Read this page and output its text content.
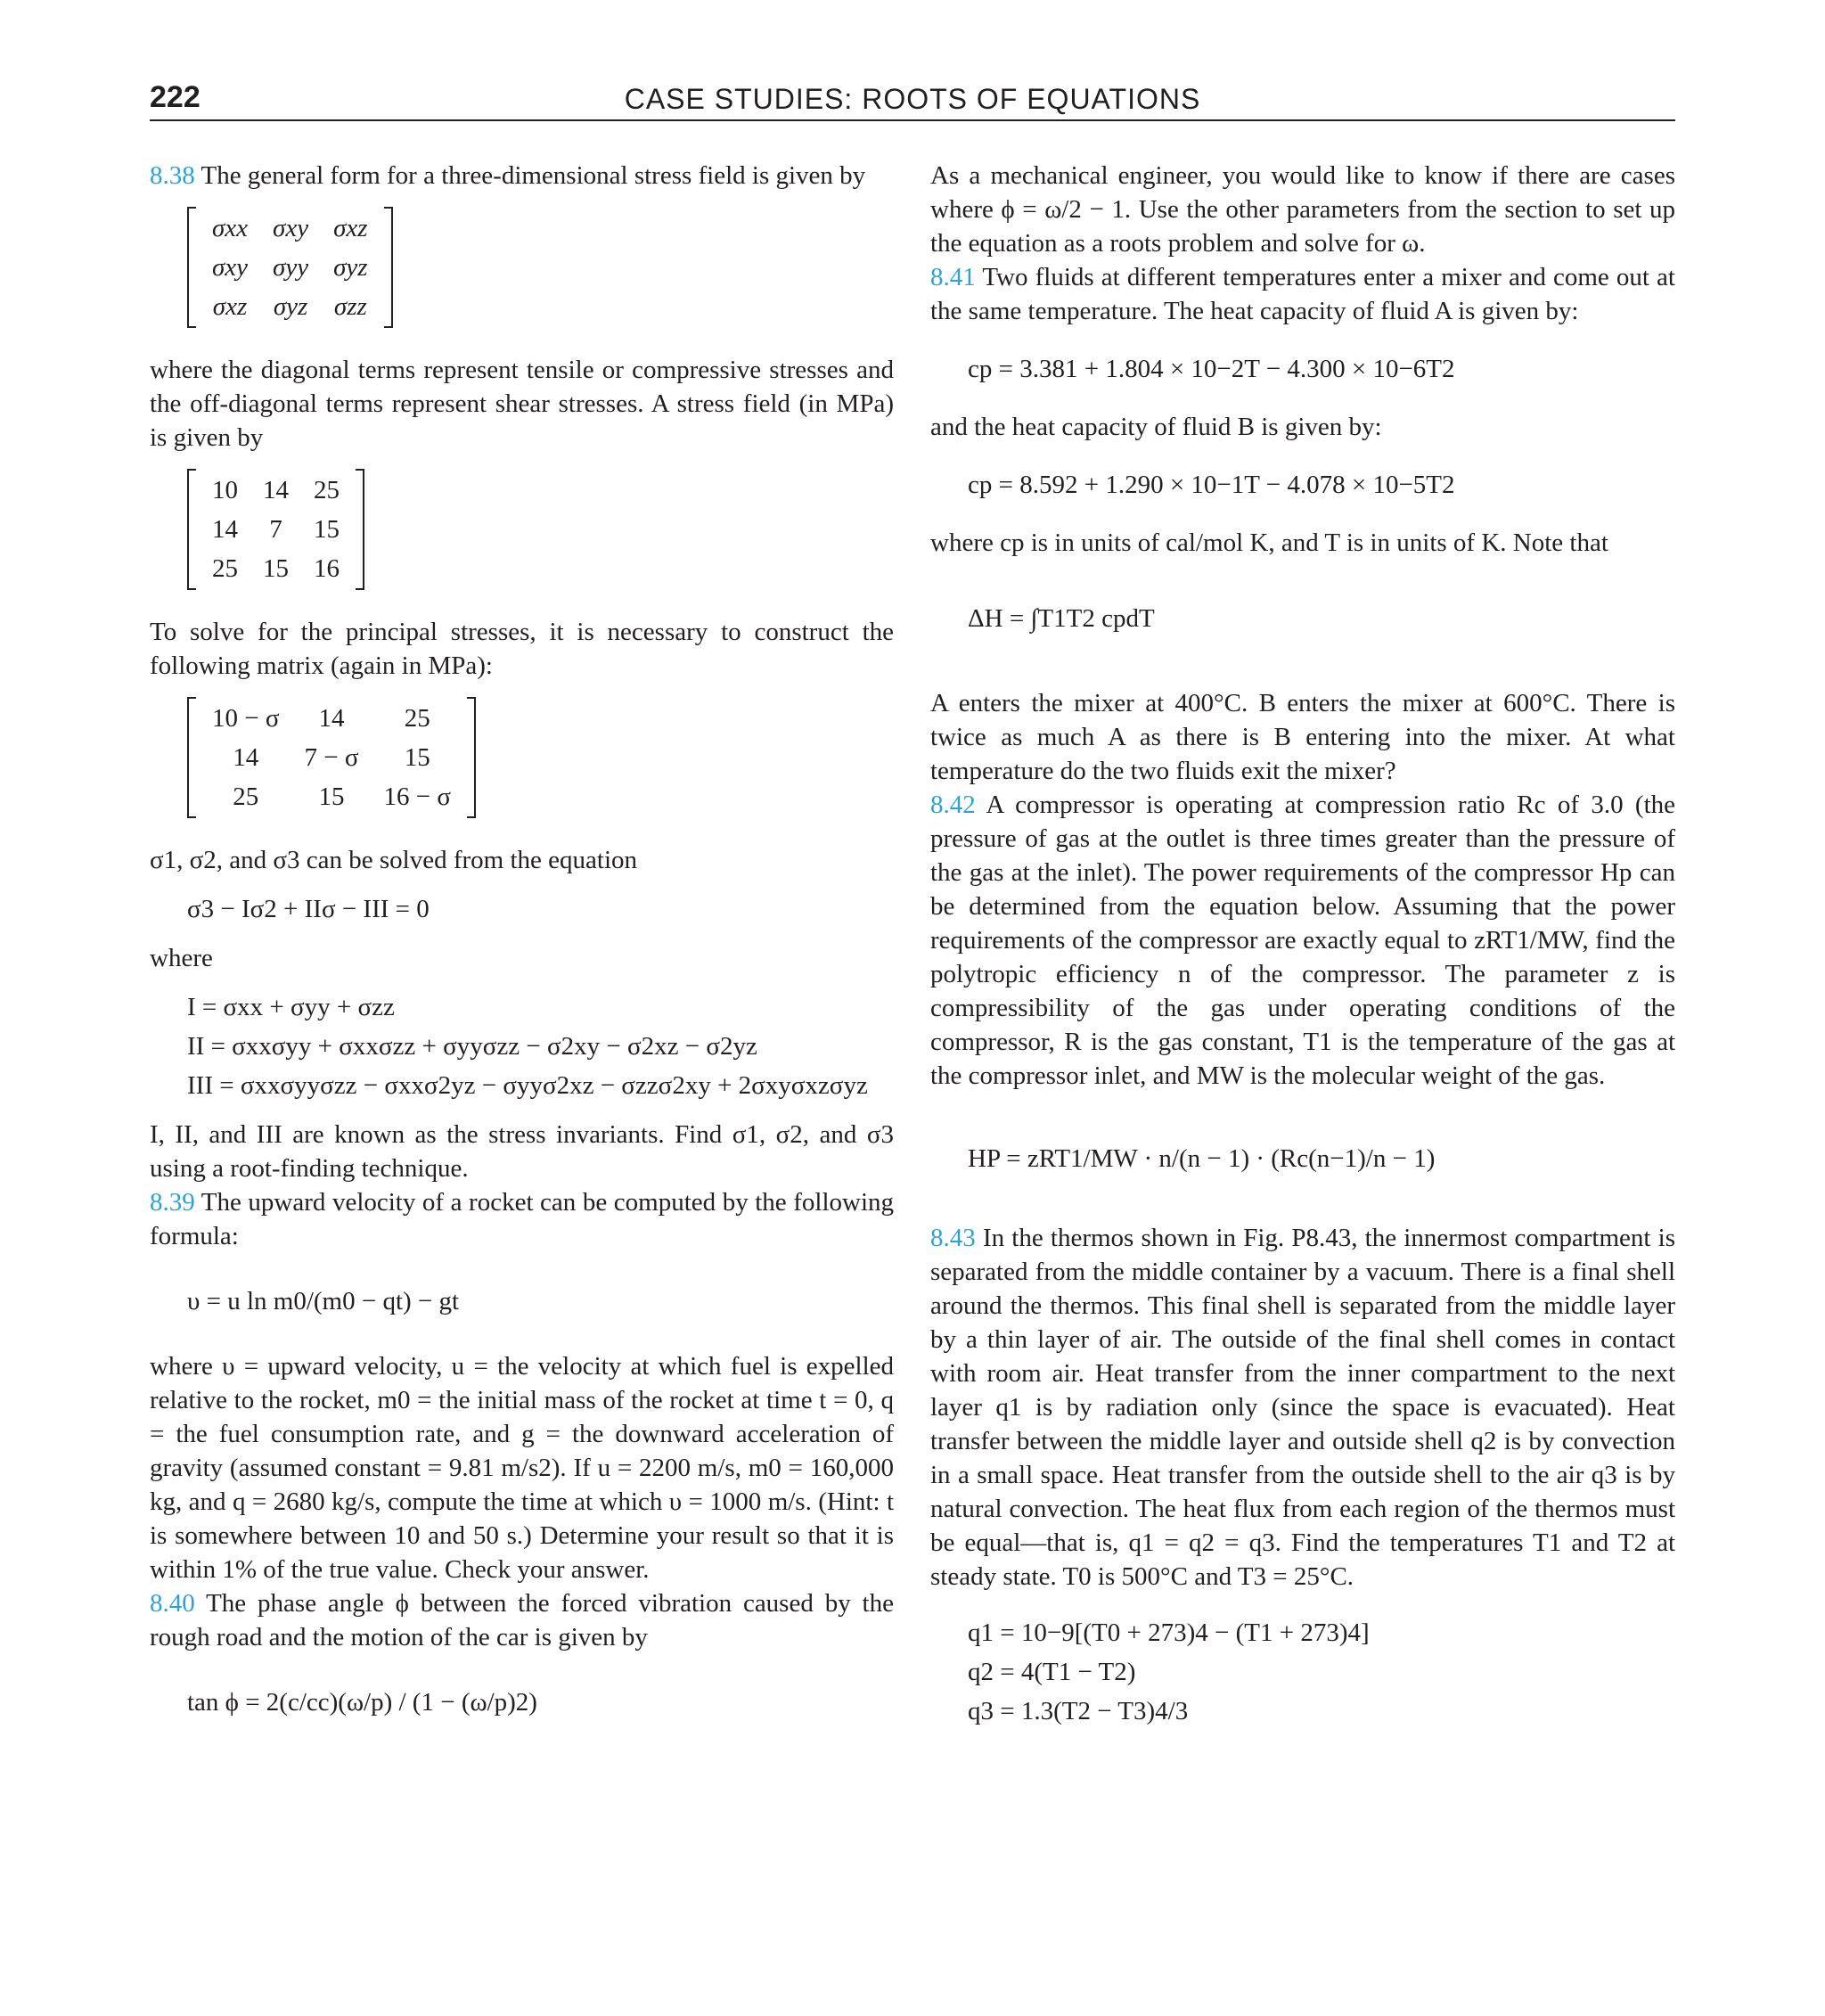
222	CASE STUDIES: ROOTS OF EQUATIONS

8.38 The general form for a three-dimensional stress field is given by

σxx	σxy	σxz
σxy	σyy	σyz
σxz	σyz	σzz

where the diagonal terms represent tensile or compressive stresses and the off-diagonal terms represent shear stresses. A stress field (in MPa) is given by

10	14	25
14	7	15
25	15	16

To solve for the principal stresses, it is necessary to construct the following matrix (again in MPa):

10 − σ	14	25
14	7 − σ	15
25	15	16 − σ

σ1, σ2, and σ3 can be solved from the equation

σ3 − Iσ2 + IIσ − III = 0

where

I = σxx + σyy + σzz
II = σxxσyy + σxxσzz + σyyσzz − σ2xy − σ2xz − σ2yz
III = σxxσyyσzz − σxxσ2yz − σyyσ2xz − σzzσ2xy + 2σxyσxzσyz

I, II, and III are known as the stress invariants. Find σ1, σ2, and σ3 using a root-finding technique.

8.39 The upward velocity of a rocket can be computed by the following formula:

υ = u ln m0/(m0 − qt) − gt

where υ = upward velocity, u = the velocity at which fuel is expelled relative to the rocket, m0 = the initial mass of the rocket at time t = 0, q = the fuel consumption rate, and g = the downward acceleration of gravity (assumed constant = 9.81 m/s2). If u = 2200 m/s, m0 = 160,000 kg, and q = 2680 kg/s, compute the time at which υ = 1000 m/s. (Hint: t is somewhere between 10 and 50 s.) Determine your result so that it is within 1% of the true value. Check your answer.

8.40 The phase angle ϕ between the forced vibration caused by the rough road and the motion of the car is given by

tan ϕ = 2(c/cc)(ω/p) / (1 − (ω/p)2)

As a mechanical engineer, you would like to know if there are cases where ϕ = ω/2 − 1. Use the other parameters from the section to set up the equation as a roots problem and solve for ω.

8.41 Two fluids at different temperatures enter a mixer and come out at the same temperature. The heat capacity of fluid A is given by:

cp = 3.381 + 1.804 × 10−2T − 4.300 × 10−6T2

and the heat capacity of fluid B is given by:

cp = 8.592 + 1.290 × 10−1T − 4.078 × 10−5T2

where cp is in units of cal/mol K, and T is in units of K. Note that

ΔH = ∫T1T2 cpdT

A enters the mixer at 400°C. B enters the mixer at 600°C. There is twice as much A as there is B entering into the mixer. At what temperature do the two fluids exit the mixer?

8.42 A compressor is operating at compression ratio Rc of 3.0 (the pressure of gas at the outlet is three times greater than the pressure of the gas at the inlet). The power requirements of the compressor Hp can be determined from the equation below. Assuming that the power requirements of the compressor are exactly equal to zRT1/MW, find the polytropic efficiency n of the compressor. The parameter z is compressibility of the gas under operating conditions of the compressor, R is the gas constant, T1 is the temperature of the gas at the compressor inlet, and MW is the molecular weight of the gas.

HP = zRT1/MW · n/(n − 1) · (Rc(n−1)/n − 1)

8.43 In the thermos shown in Fig. P8.43, the innermost compartment is separated from the middle container by a vacuum. There is a final shell around the thermos. This final shell is separated from the middle layer by a thin layer of air. The outside of the final shell comes in contact with room air. Heat transfer from the inner compartment to the next layer q1 is by radiation only (since the space is evacuated). Heat transfer between the middle layer and outside shell q2 is by convection in a small space. Heat transfer from the outside shell to the air q3 is by natural convection. The heat flux from each region of the thermos must be equal—that is, q1 = q2 = q3. Find the temperatures T1 and T2 at steady state. T0 is 500°C and T3 = 25°C.

q1 = 10−9[(T0 + 273)4 − (T1 + 273)4]
q2 = 4(T1 − T2)
q3 = 1.3(T2 − T3)4/3
